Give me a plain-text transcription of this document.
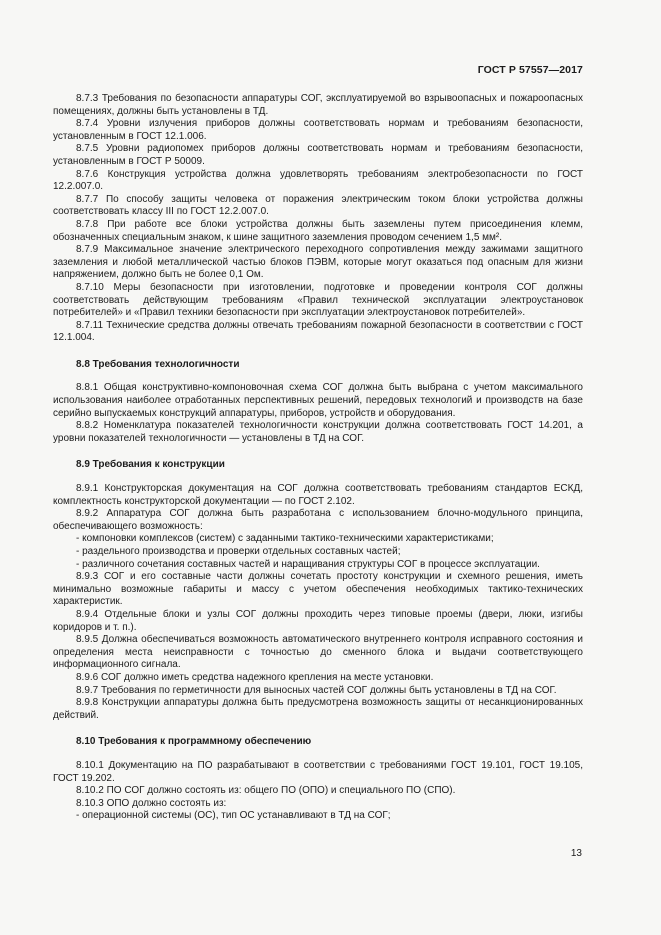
ГОСТ Р 57557—2017

8.7.3 Требования по безопасности аппаратуры СОГ, эксплуатируемой во взрывоопасных и пожароопасных помещениях, должны быть установлены в ТД.

8.7.4 Уровни излучения приборов должны соответствовать нормам и требованиям безопасности, установленным в ГОСТ 12.1.006.

8.7.5 Уровни радиопомех приборов должны соответствовать нормам и требованиям безопасности, установленным в ГОСТ Р 50009.

8.7.6 Конструкция устройства должна удовлетворять требованиям электробезопасности по ГОСТ 12.2.007.0.

8.7.7 По способу защиты человека от поражения электрическим током блоки устройства должны соответствовать классу III по ГОСТ 12.2.007.0.

8.7.8 При работе все блоки устройства должны быть заземлены путем присоединения клемм, обозначенных специальным знаком, к шине защитного заземления проводом сечением 1,5 мм².

8.7.9 Максимальное значение электрического переходного сопротивления между зажимами защитного заземления и любой металлической частью блоков ПЭВМ, которые могут оказаться под опасным для жизни напряжением, должно быть не более 0,1 Ом.

8.7.10 Меры безопасности при изготовлении, подготовке и проведении контроля СОГ должны соответствовать действующим требованиям «Правил технической эксплуатации электроустановок потребителей» и «Правил техники безопасности при эксплуатации электроустановок потребителей».

8.7.11 Технические средства должны отвечать требованиям пожарной безопасности в соответствии с ГОСТ 12.1.004.

8.8 Требования технологичности

8.8.1 Общая конструктивно-компоновочная схема СОГ должна быть выбрана с учетом максимального использования наиболее отработанных перспективных решений, передовых технологий и производств на базе серийно выпускаемых конструкций аппаратуры, приборов, устройств и оборудования.

8.8.2 Номенклатура показателей технологичности конструкции должна соответствовать ГОСТ 14.201, а уровни показателей технологичности — установлены в ТД на СОГ.

8.9 Требования к конструкции

8.9.1 Конструкторская документация на СОГ должна соответствовать требованиям стандартов ЕСКД, комплектность конструкторской документации — по ГОСТ 2.102.

8.9.2 Аппаратура СОГ должна быть разработана с использованием блочно-модульного принципа, обеспечивающего возможность:

- компоновки комплексов (систем) с заданными тактико-техническими характеристиками;

- раздельного производства и проверки отдельных составных частей;

- различного сочетания составных частей и наращивания структуры СОГ в процессе эксплуатации.

8.9.3 СОГ и его составные части должны сочетать простоту конструкции и схемного решения, иметь минимально возможные габариты и массу с учетом обеспечения необходимых тактико-технических характеристик.

8.9.4 Отдельные блоки и узлы СОГ должны проходить через типовые проемы (двери, люки, изгибы коридоров и т. п.).

8.9.5 Должна обеспечиваться возможность автоматического внутреннего контроля исправного состояния и определения места неисправности с точностью до сменного блока и выдачи соответствующего информационного сигнала.

8.9.6 СОГ должно иметь средства надежного крепления на месте установки.

8.9.7 Требования по герметичности для выносных частей СОГ должны быть установлены в ТД на СОГ.

8.9.8 Конструкции аппаратуры должна быть предусмотрена возможность защиты от несанкционированных действий.

8.10 Требования к программному обеспечению

8.10.1 Документацию на ПО разрабатывают в соответствии с требованиями ГОСТ 19.101, ГОСТ 19.105, ГОСТ 19.202.

8.10.2 ПО СОГ должно состоять из: общего ПО (ОПО) и специального ПО (СПО).

8.10.3 ОПО должно состоять из:

- операционной системы (ОС), тип ОС устанавливают в ТД на СОГ;

13
